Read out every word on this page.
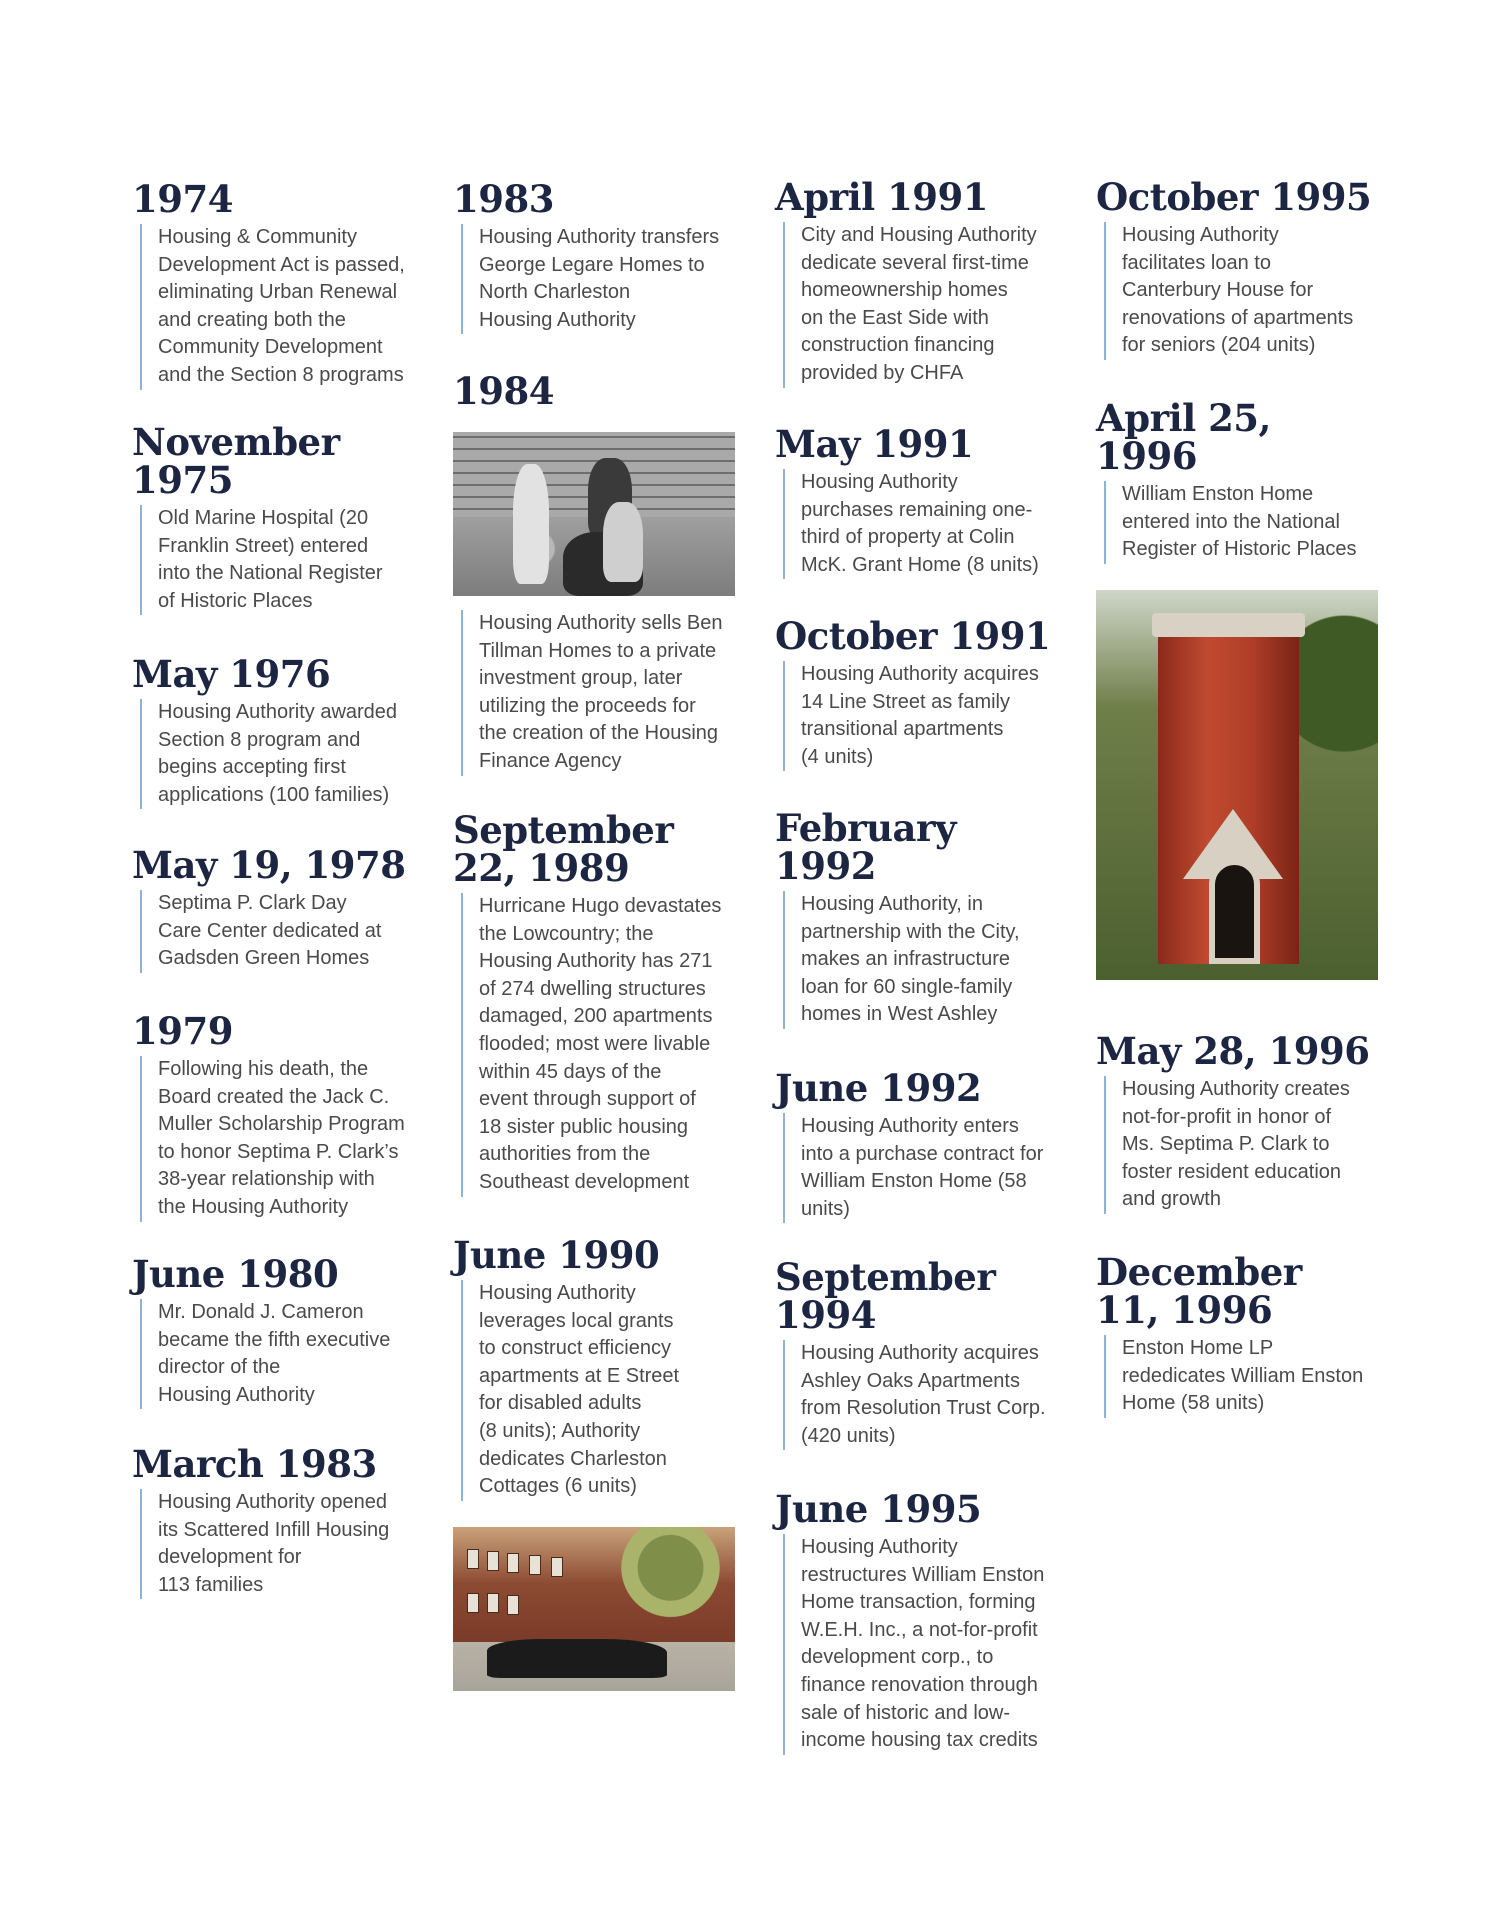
1974
Housing & Community
Development Act is passed,
eliminating Urban Renewal
and creating both the
Community Development
and the Section 8 programs
November
1975
Old Marine Hospital (20
Franklin Street) entered
into the National Register
of Historic Places
May 1976
Housing Authority awarded
Section 8 program and
begins accepting first
applications (100 families)
May 19, 1978
Septima P. Clark Day
Care Center dedicated at
Gadsden Green Homes
1979
Following his death, the
Board created the Jack C.
Muller Scholarship Program
to honor Septima P. Clark’s
38-year relationship with
the Housing Authority
June 1980
Mr. Donald J. Cameron
became the fifth executive
director of the
Housing Authority
March 1983
Housing Authority opened
its Scattered Infill Housing
development for
113 families
1983
Housing Authority transfers
George Legare Homes to
North Charleston
Housing Authority
1984
Housing Authority sells Ben
Tillman Homes to a private
investment group, later
utilizing the proceeds for
the creation of the Housing
Finance Agency
September
22, 1989
Hurricane Hugo devastates
the Lowcountry; the
Housing Authority has 271
of 274 dwelling structures
damaged, 200 apartments
flooded; most were livable
within 45 days of the
event through support of
18 sister public housing
authorities from the
Southeast development
June 1990
Housing Authority
leverages local grants
to construct efficiency
apartments at E Street
for disabled adults
(8 units); Authority
dedicates Charleston
Cottages (6 units)
April 1991
City and Housing Authority
dedicate several first-time
homeownership homes
on the East Side with
construction financing
provided by CHFA
May 1991
Housing Authority
purchases remaining one-
third of property at Colin
McK. Grant Home (8 units)
October 1991
Housing Authority acquires
14 Line Street as family
transitional apartments
(4 units)
February
1992
Housing Authority, in
partnership with the City,
makes an infrastructure
loan for 60 single-family
homes in West Ashley
June 1992
Housing Authority enters
into a purchase contract for
William Enston Home (58
units)
September
1994
Housing Authority acquires
Ashley Oaks Apartments
from Resolution Trust Corp.
(420 units)
June 1995
Housing Authority
restructures William Enston
Home transaction, forming
W.E.H. Inc., a not-for-profit
development corp., to
finance renovation through
sale of historic and low-
income housing tax credits
October 1995
Housing Authority
facilitates loan to
Canterbury House for
renovations of apartments
for seniors (204 units)
April 25,
1996
William Enston Home
entered into the National
Register of Historic Places
May 28, 1996
Housing Authority creates
not-for-profit in honor of
Ms. Septima P. Clark to
foster resident education
and growth
December
11, 1996
Enston Home LP
rededicates William Enston
Home (58 units)
